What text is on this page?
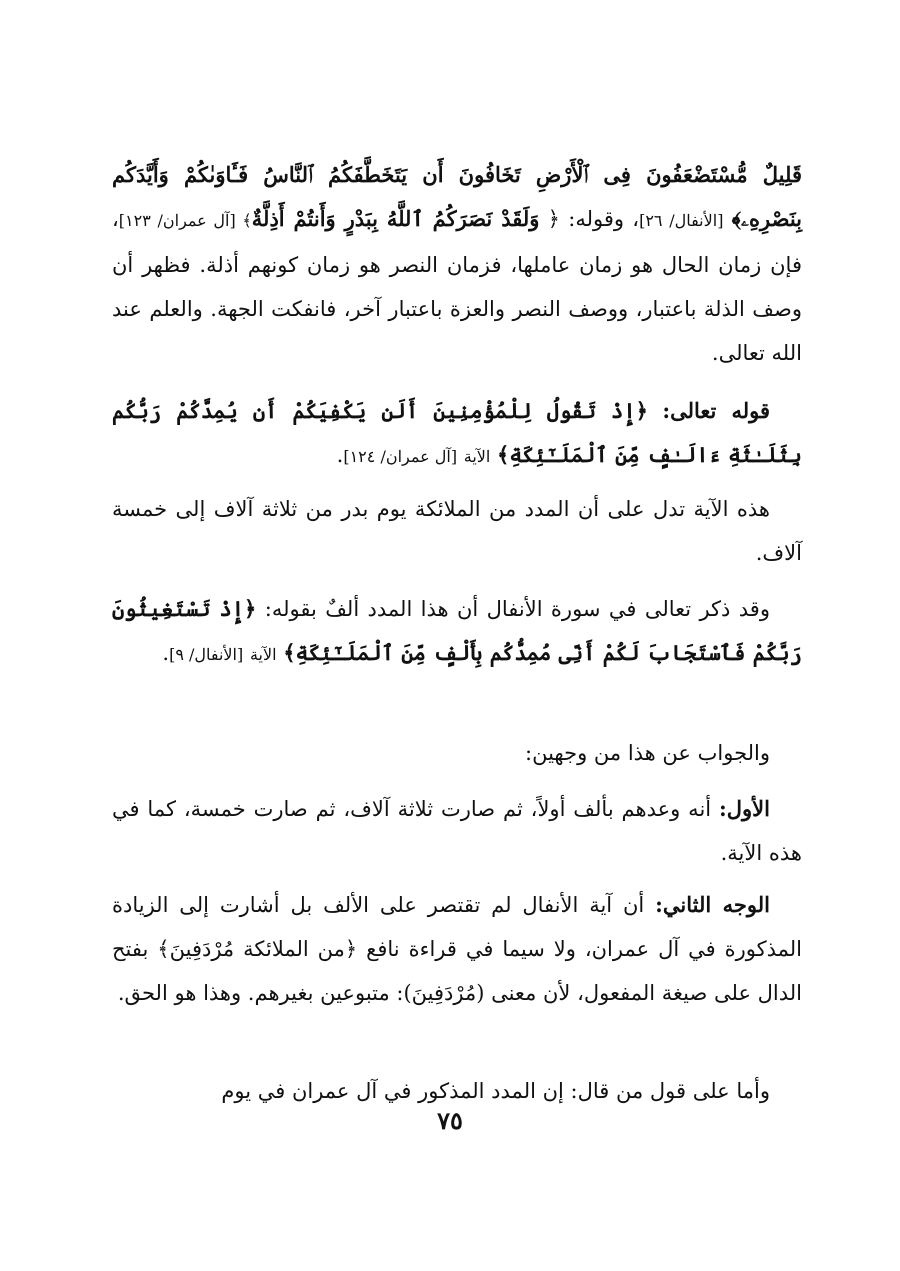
قَلِيلٌ مُّسْتَضْعَفُونَ فِى ٱلْأَرْضِ تَخَافُونَ أَن يَتَخَطَّفَكُمُ ٱلنَّاسُ فَـَٔاوَىٰكُمْ وَأَيَّدَكُم بِنَصْرِهِۦ﴾ [الأنفال/ ٢٦]، وقوله: ﴿ وَلَقَدْ نَصَرَكُمُ ٱللَّهُ بِبَدْرٍ وَأَنتُمْ أَذِلَّةٌ﴾ [آل عمران/ ١٢٣]، فإن زمان الحال هو زمان عاملها، فزمان النصر هو زمان كونهم أذلة. فظهر أن وصف الذلة باعتبار، ووصف النصر والعزة باعتبار آخر، فانفكت الجهة. والعلم عند الله تعالى.

قوله تعالى: ﴿إِذْ تَقُولُ لِلْمُؤْمِنِينَ أَلَن يَكْفِيَكُمْ أَن يُمِدَّكُمْ رَبُّكُم بِثَلَـٰثَةِ ءَالَـٰفٍ مِّنَ ٱلْمَلَـٰٓئِكَةِ﴾ الآية [آل عمران/ ١٢٤].

هذه الآية تدل على أن المدد من الملائكة يوم بدر من ثلاثة آلاف إلى خمسة آلاف.

وقد ذكر تعالى في سورة الأنفال أن هذا المدد ألفٌ بقوله: ﴿إِذْ تَسْتَغِيثُونَ رَبَّكُمْ فَٱسْتَجَابَ لَكُمْ أَنِّى مُمِدُّكُم بِأَلْفٍ مِّنَ ٱلْمَلَـٰٓئِكَةِ﴾ الآية [الأنفال/ ٩].

والجواب عن هذا من وجهين:

الأول: أنه وعدهم بألف أولاً، ثم صارت ثلاثة آلاف، ثم صارت خمسة، كما في هذه الآية.

الوجه الثاني: أن آية الأنفال لم تقتصر على الألف بل أشارت إلى الزيادة المذكورة في آل عمران، ولا سيما في قراءة نافع ﴿من الملائكة مُرْدَفِينَ﴾ بفتح الدال على صيغة المفعول، لأن معنى (مُرْدَفِينَ): متبوعين بغيرهم. وهذا هو الحق.

وأما على قول من قال: إن المدد المذكور في آل عمران في يوم

٧٥
